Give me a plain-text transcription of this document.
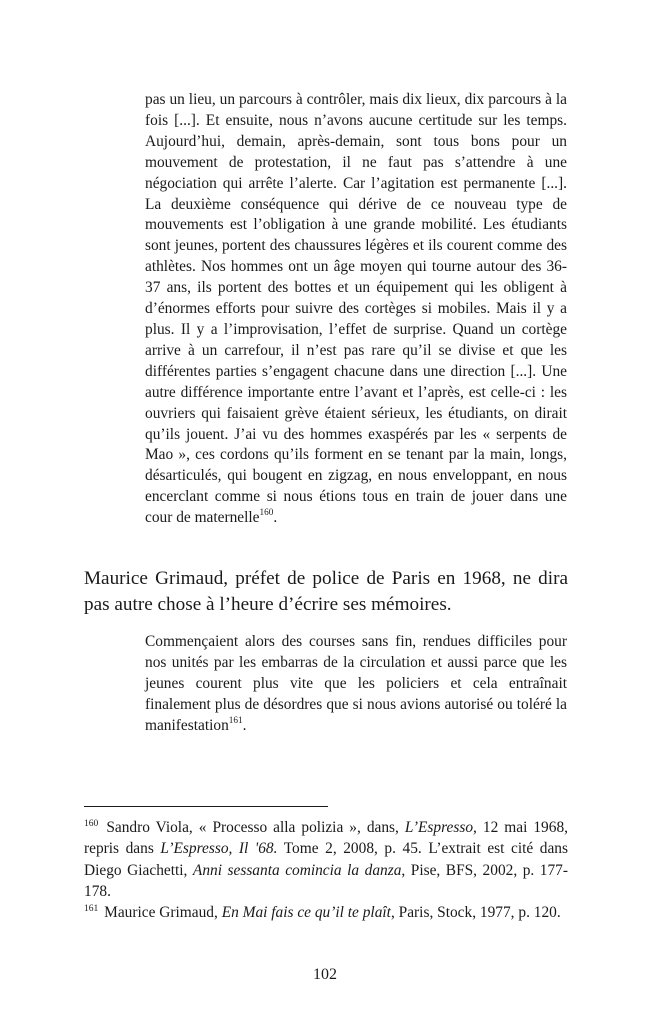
pas un lieu, un parcours à contrôler, mais dix lieux, dix parcours à la fois [...]. Et ensuite, nous n’avons aucune certitude sur les temps. Aujourd’hui, demain, après-demain, sont tous bons pour un mouvement de protestation, il ne faut pas s’attendre à une négociation qui arrête l’alerte. Car l’agitation est permanente [...]. La deuxième conséquence qui dérive de ce nouveau type de mouvements est l’obligation à une grande mobilité. Les étudiants sont jeunes, portent des chaussures légères et ils courent comme des athlètes. Nos hommes ont un âge moyen qui tourne autour des 36-37 ans, ils portent des bottes et un équipement qui les obligent à d’énormes efforts pour suivre des cortèges si mobiles. Mais il y a plus. Il y a l’improvisation, l’effet de surprise. Quand un cortège arrive à un carrefour, il n’est pas rare qu’il se divise et que les différentes parties s’engagent chacune dans une direction [...]. Une autre différence importante entre l’avant et l’après, est celle-ci : les ouvriers qui faisaient grève étaient sérieux, les étudiants, on dirait qu’ils jouent. J’ai vu des hommes exaspérés par les « serpents de Mao », ces cordons qu’ils forment en se tenant par la main, longs, désarticulés, qui bougent en zigzag, en nous enveloppant, en nous encerclant comme si nous étions tous en train de jouer dans une cour de maternelle$^{160}$.

Maurice Grimaud, préfet de police de Paris en 1968, ne dira pas autre chose à l’heure d’écrire ses mémoires.

Commençaient alors des courses sans fin, rendues difficiles pour nos unités par les embarras de la circulation et aussi parce que les jeunes courent plus vite que les policiers et cela entraînait finalement plus de désordres que si nous avions autorisé ou toléré la manifestation$^{161}$.

$^{160}$ Sandro Viola, « Processo alla polizia », dans, L’Espresso, 12 mai 1968, repris dans L’Espresso, Il '68. Tome 2, 2008, p. 45. L’extrait est cité dans Diego Giachetti, Anni sessanta comincia la danza, Pise, BFS, 2002, p. 177-178.

$^{161}$ Maurice Grimaud, En Mai fais ce qu’il te plaît, Paris, Stock, 1977, p. 120.

102
